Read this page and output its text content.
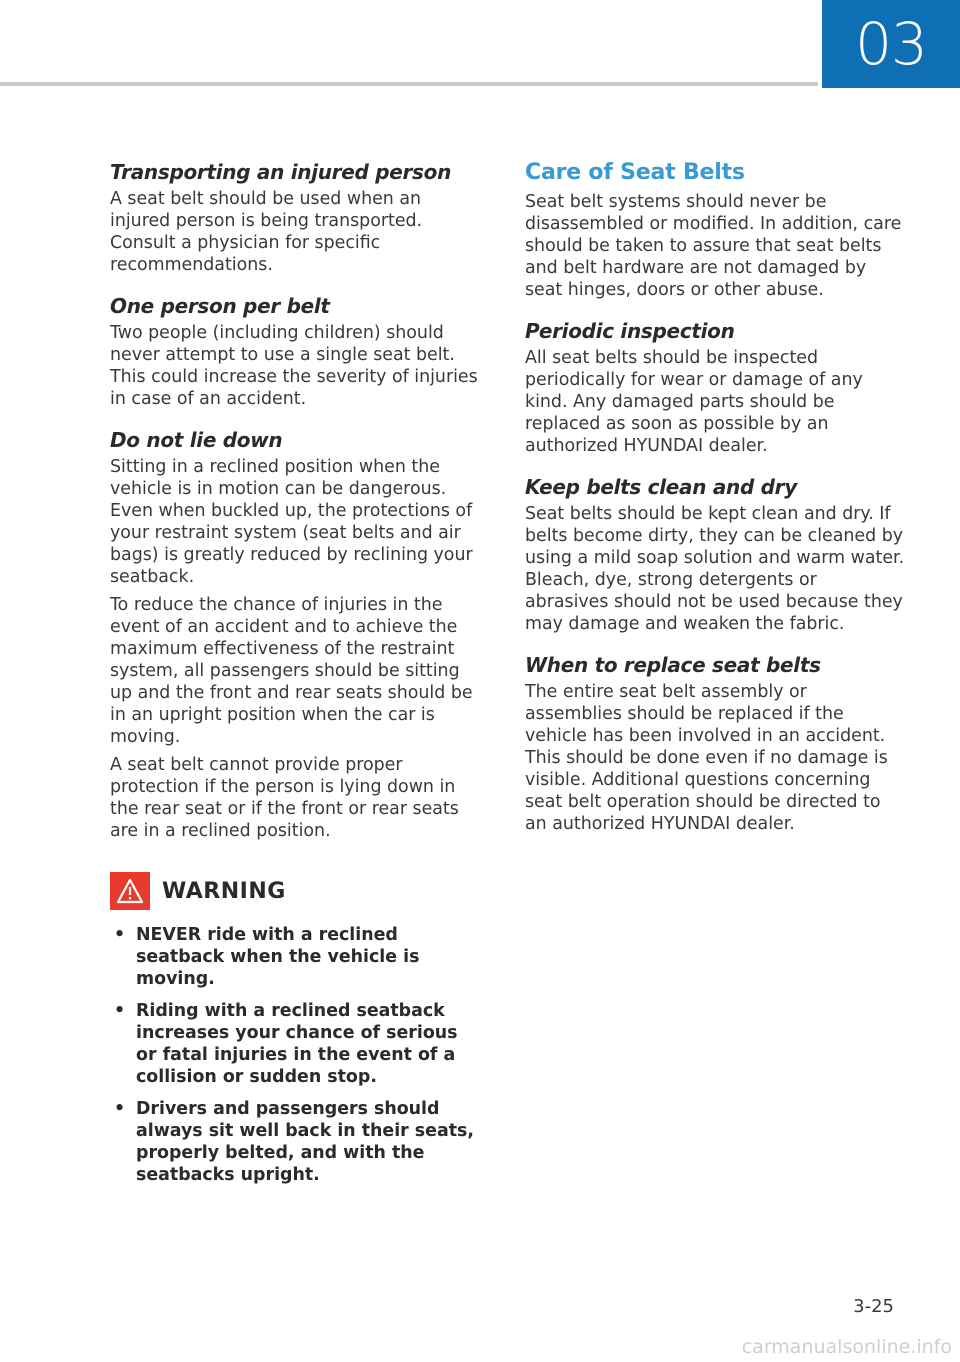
03
Transporting an injured person

A seat belt should be used when an injured person is being transported. Consult a physician for specific recommendations.

One person per belt

Two people (including children) should never attempt to use a single seat belt. This could increase the severity of injuries in case of an accident.

Do not lie down

Sitting in a reclined position when the vehicle is in motion can be dangerous. Even when buckled up, the protections of your restraint system (seat belts and air bags) is greatly reduced by reclining your seatback.

To reduce the chance of injuries in the event of an accident and to achieve the maximum effectiveness of the restraint system, all passengers should be sitting up and the front and rear seats should be in an upright position when the car is moving.

A seat belt cannot provide proper protection if the person is lying down in the rear seat or if the front or rear seats are in a reclined position.

WARNING
• NEVER ride with a reclined seatback when the vehicle is moving.
• Riding with a reclined seatback increases your chance of serious or fatal injuries in the event of a collision or sudden stop.
• Drivers and passengers should always sit well back in their seats, properly belted, and with the seatbacks upright.
Care of Seat Belts

Seat belt systems should never be disassembled or modified. In addition, care should be taken to assure that seat belts and belt hardware are not damaged by seat hinges, doors or other abuse.

Periodic inspection

All seat belts should be inspected periodically for wear or damage of any kind. Any damaged parts should be replaced as soon as possible by an authorized HYUNDAI dealer.

Keep belts clean and dry

Seat belts should be kept clean and dry. If belts become dirty, they can be cleaned by using a mild soap solution and warm water. Bleach, dye, strong detergents or abrasives should not be used because they may damage and weaken the fabric.

When to replace seat belts

The entire seat belt assembly or assemblies should be replaced if the vehicle has been involved in an accident. This should be done even if no damage is visible. Additional questions concerning seat belt operation should be directed to an authorized HYUNDAI dealer.

3-25
carmanualsonline.info
